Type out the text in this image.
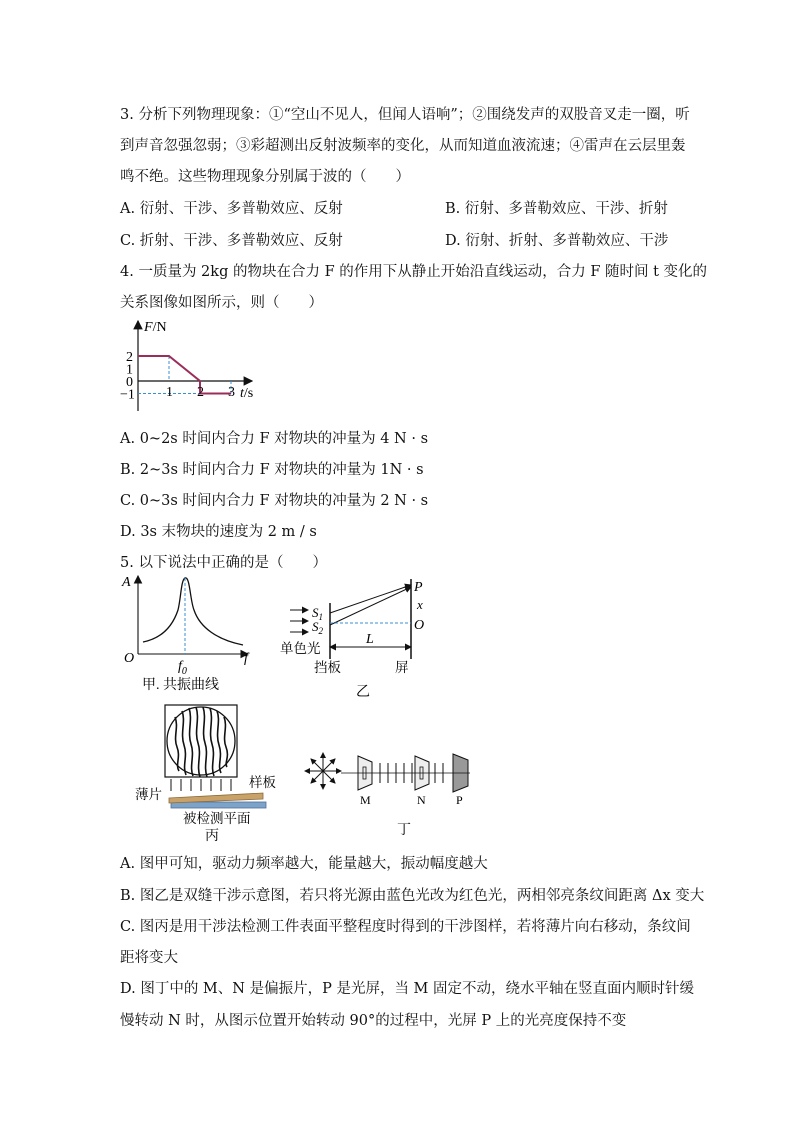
3. 分析下列物理现象：①“空山不见人，但闻人语响”；②围绕发声的双股音叉走一圈，听
到声音忽强忽弱；③彩超测出反射波频率的变化，从而知道血液流速；④雷声在云层里轰
鸣不绝。这些物理现象分别属于波的（　　）
A. 衍射、干涉、多普勒效应、反射	B. 衍射、多普勒效应、干涉、折射
C. 折射、干涉、多普勒效应、反射	D. 衍射、折射、多普勒效应、干涉
4. 一质量为 2kg 的物块在合力 F 的作用下从静止开始沿直线运动，合力 F 随时间 t 变化的
关系图像如图所示，则（　　）
F/N
t/s
1 2 3
2
1
0
−1
A. 0~2s 时间内合力 F 对物块的冲量为 4 N · s
B. 2~3s 时间内合力 F 对物块的冲量为 1N · s
C. 0~3s 时间内合力 F 对物块的冲量为 2 N · s
D. 3s 末物块的速度为 2 m / s
5. 以下说法中正确的是（　　）
A
O	f
$f_0$
甲. 共振曲线
$S_1$
$S_2$
P
x
O
L
单色光
挡板	屏
乙
样板
薄片
被检测平面
丙
M	N	P
丁
A. 图甲可知，驱动力频率越大，能量越大，振动幅度越大
B. 图乙是双缝干涉示意图，若只将光源由蓝色光改为红色光，两相邻亮条纹间距离 Δx 变大
C. 图丙是用干涉法检测工件表面平整程度时得到的干涉图样，若将薄片向右移动，条纹间
距将变大
D. 图丁中的 M、N 是偏振片，P 是光屏，当 M 固定不动，绕水平轴在竖直面内顺时针缓
慢转动 N 时，从图示位置开始转动 90°的过程中，光屏 P 上的光亮度保持不变
